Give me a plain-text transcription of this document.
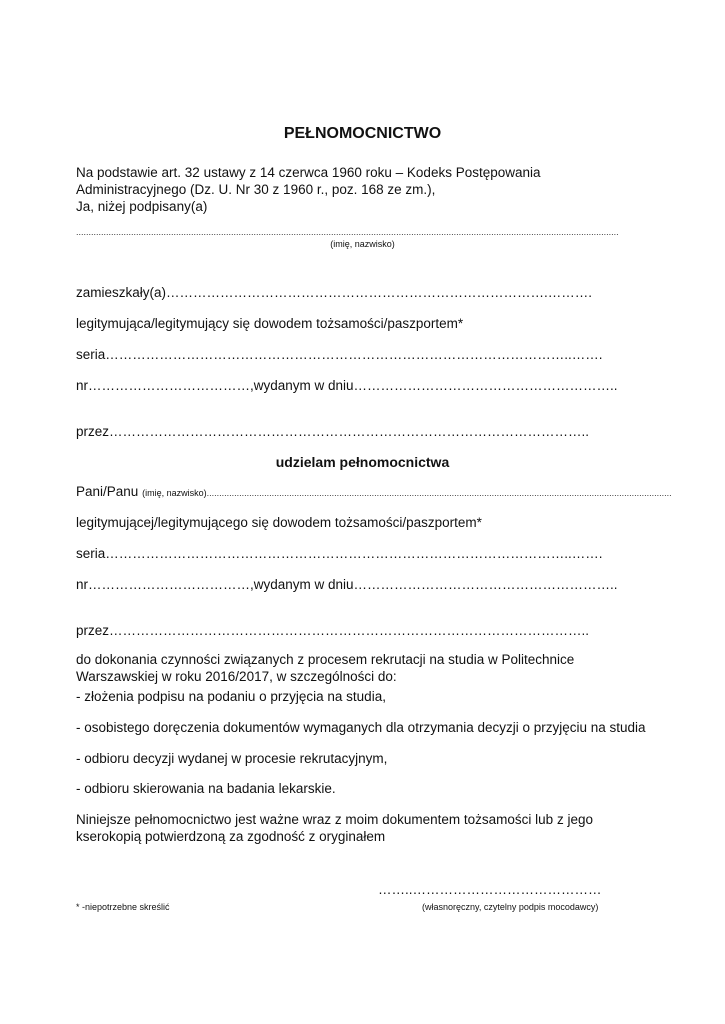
PEŁNOMOCNICTWO
Na podstawie art. 32 ustawy z 14 czerwca 1960 roku – Kodeks Postępowania
Administracyjnego (Dz. U. Nr 30 z 1960 r., poz. 168 ze zm.),
Ja, niżej podpisany(a)
.........................................................................................................................................................................................................................
(imię, nazwisko)
zamieszkały(a)………………………………………………………………………….……….
legitymująca/legitymujący się dowodem tożsamości/paszportem*
seria…………………………………………………………………………………………..…….
nr………………………………,wydanym w dniu…………………………………………………..
przez……………………………………………………………………………………………..
udzielam pełnomocnictwa
Pani/Panu (imię, nazwisko)..........................................................................................................................................................................................
legitymującej/legitymującego się dowodem tożsamości/paszportem*
seria…………………………………………………………………………………………..…….
nr………………………………,wydanym w dniu…………………………………………………..
przez……………………………………………………………………………………………..
do dokonania czynności związanych z procesem rekrutacji na studia w Politechnice
Warszawskiej w roku 2016/2017, w szczególności do:
- złożenia podpisu na podaniu o przyjęcia na studia,
- osobistego doręczenia dokumentów wymaganych dla otrzymania decyzji o przyjęciu na studia
- odbioru decyzji wydanej w procesie rekrutacyjnym,
- odbioru skierowania na badania lekarskie.
Niniejsze pełnomocnictwo jest ważne wraz z moim dokumentem tożsamości lub z jego
kserokopią potwierdzoną za zgodność z oryginałem
……..……………………………………
* -niepotrzebne skreślić	(własnoręczny, czytelny podpis mocodawcy)
